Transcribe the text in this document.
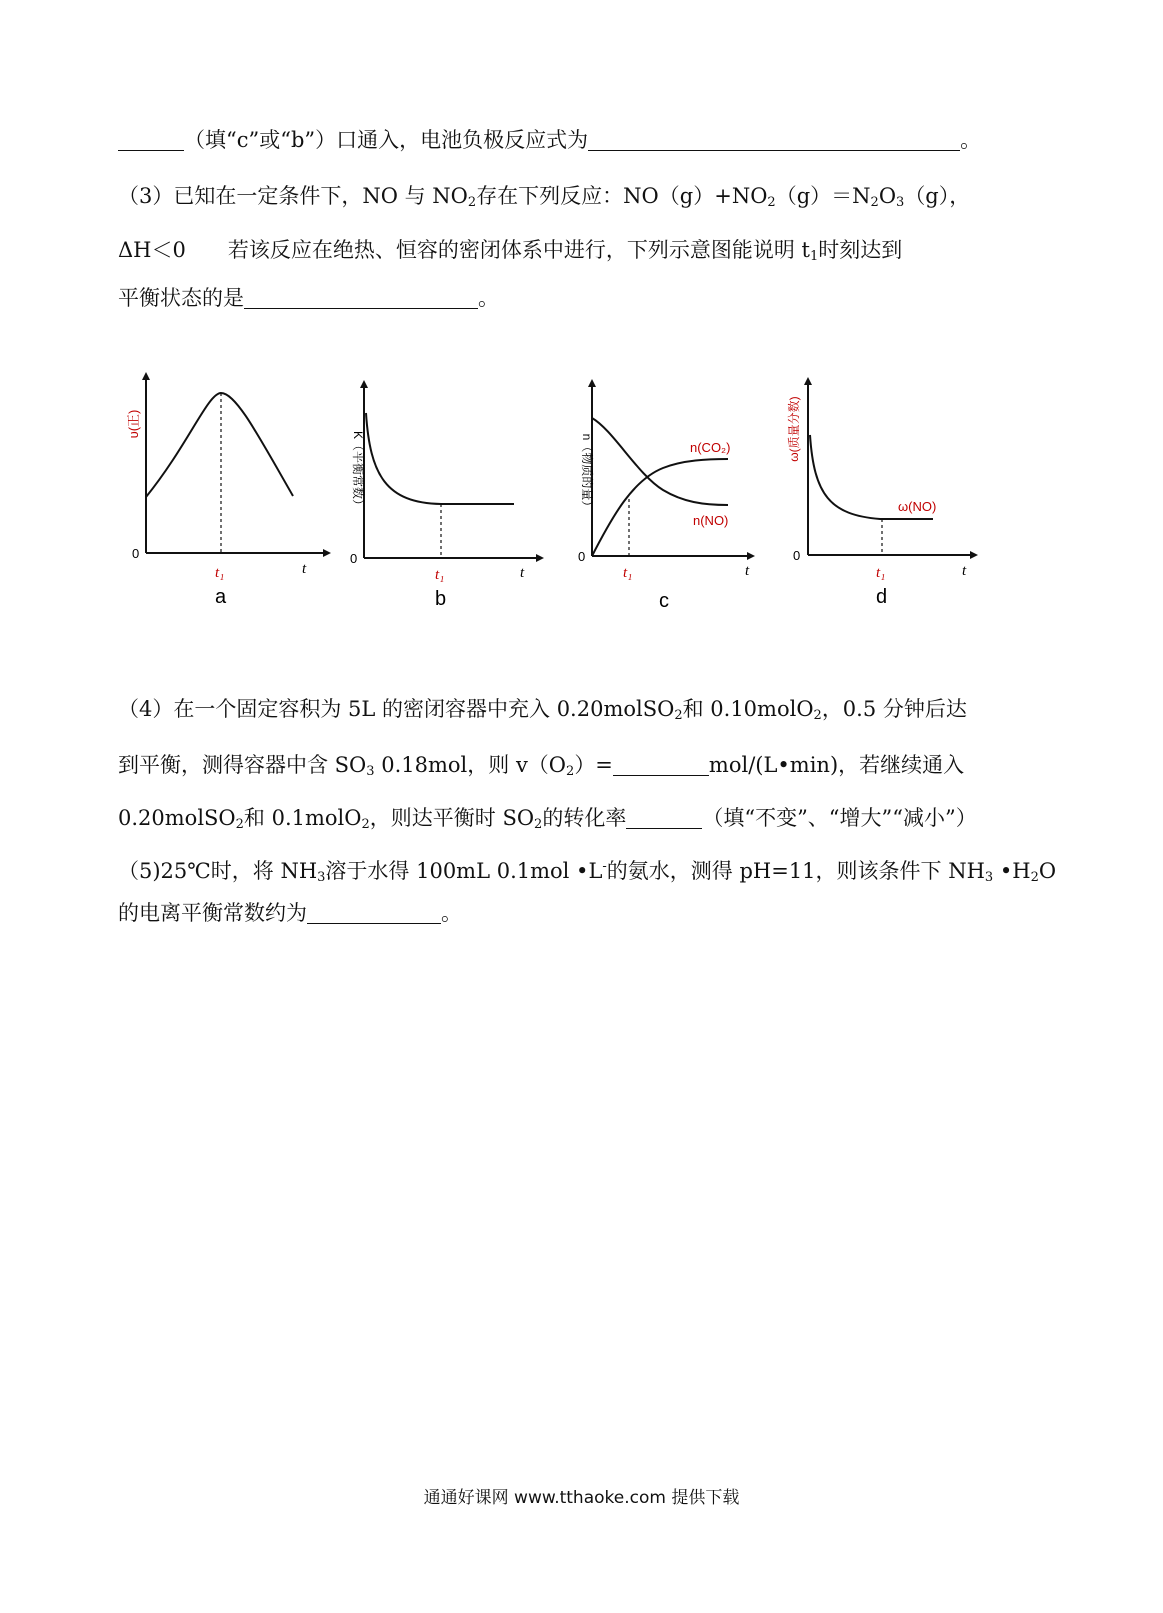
（填“c”或“b”）口通入，电池负极反应式为	。
（3）已知在一定条件下，NO 与 $NO_2$存在下列反应：$NO(g)+NO_2(g)=N_2O_3(g)$，
ΔH＜0　　若该反应在绝热、恒容的密闭体系中进行，下列示意图能说明 $t_1$时刻达到
平衡状态的是	。
υ(正)
0
t
t₁
a
K（平衡常数）
0
t
t₁
b
n（物质的量）	n(CO₂)
n(NO)
0
t
t₁
c
ω(质量分数)
ω(NO)
0
t
t₁
d
（4）在一个固定容积为 5L 的密闭容器中充入 0.20molSO$_2$和 0.10molO$_2$，0.5 分钟后达
到平衡，测得容器中含 $SO_3$ 0.18mol，则 $v(O_2)=$	mol/(L•min)，若继续通入
0.20molSO$_2$和 0.1molO$_2$，则达平衡时 $SO_2$的转化率	（填“不变”、“增大”“减小”）
（5)25℃时，将 $NH_3$溶于水得 100mL 0.1mol •L-的氨水，测得 pH=11，则该条件下 $NH_3$ $•H_2O$
的电离平衡常数约为	。
通通好课网 www.tthaoke.com 提供下载
